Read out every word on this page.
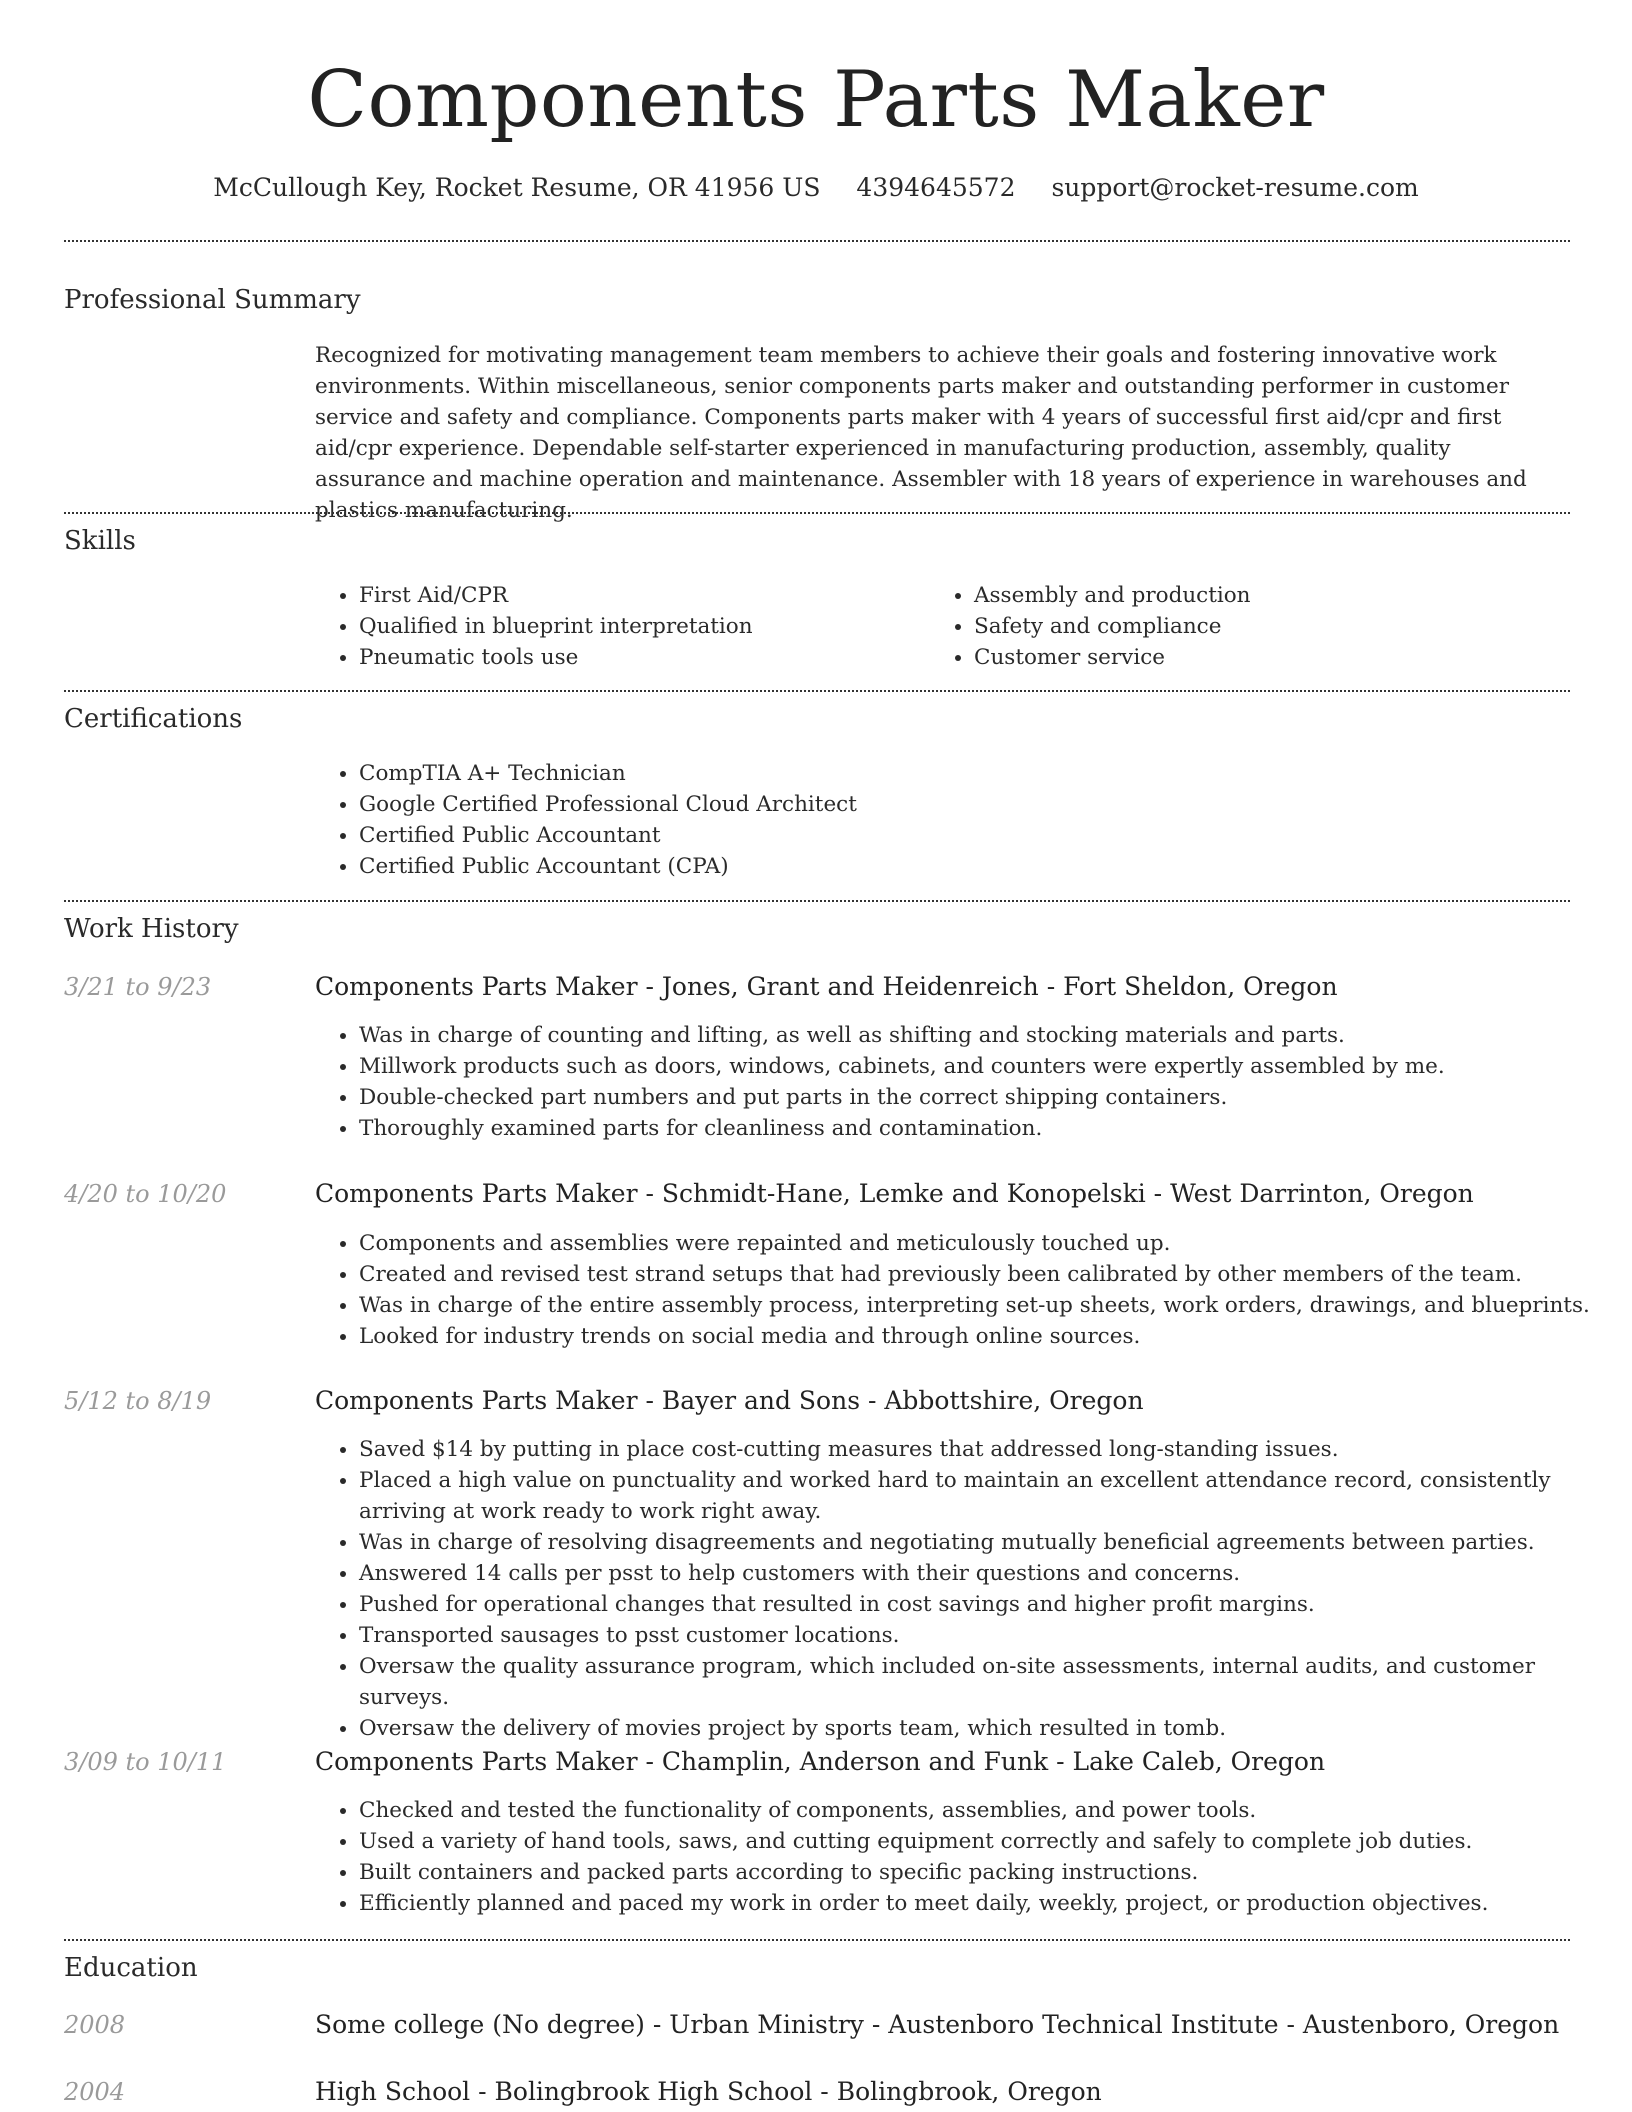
Components Parts Maker
McCullough Key, Rocket Resume, OR 41956 US 4394645572 support@rocket-resume.com
Professional Summary

Recognized for motivating management team members to achieve their goals and fostering innovative work environments. Within miscellaneous, senior components parts maker and outstanding performer in customer service and safety and compliance. Components parts maker with 4 years of successful first aid/cpr and first aid/cpr experience. Dependable self-starter experienced in manufacturing production, assembly, quality assurance and machine operation and maintenance. Assembler with 18 years of experience in warehouses and plastics manufacturing.

Skills
• First Aid/CPR
• Qualified in blueprint interpretation
• Pneumatic tools use
• Assembly and production
• Safety and compliance
• Customer service
Certifications
• CompTIA A+ Technician
• Google Certified Professional Cloud Architect
• Certified Public Accountant
• Certified Public Accountant (CPA)
Work History
3/21 to 9/23	Components Parts Maker - Jones, Grant and Heidenreich - Fort Sheldon, Oregon
• Was in charge of counting and lifting, as well as shifting and stocking materials and parts.
• Millwork products such as doors, windows, cabinets, and counters were expertly assembled by me.
• Double-checked part numbers and put parts in the correct shipping containers.
• Thoroughly examined parts for cleanliness and contamination.
4/20 to 10/20	Components Parts Maker - Schmidt-Hane, Lemke and Konopelski - West Darrinton, Oregon
• Components and assemblies were repainted and meticulously touched up.
• Created and revised test strand setups that had previously been calibrated by other members of the team.
• Was in charge of the entire assembly process, interpreting set-up sheets, work orders, drawings, and blueprints.
• Looked for industry trends on social media and through online sources.
5/12 to 8/19	Components Parts Maker - Bayer and Sons - Abbottshire, Oregon
• Saved $14 by putting in place cost-cutting measures that addressed long-standing issues.
• Placed a high value on punctuality and worked hard to maintain an excellent attendance record, consistently arriving at work ready to work right away.
• Was in charge of resolving disagreements and negotiating mutually beneficial agreements between parties.
• Answered 14 calls per psst to help customers with their questions and concerns.
• Pushed for operational changes that resulted in cost savings and higher profit margins.
• Transported sausages to psst customer locations.
• Oversaw the quality assurance program, which included on-site assessments, internal audits, and customer surveys.
• Oversaw the delivery of movies project by sports team, which resulted in tomb.
3/09 to 10/11	Components Parts Maker - Champlin, Anderson and Funk - Lake Caleb, Oregon
• Checked and tested the functionality of components, assemblies, and power tools.
• Used a variety of hand tools, saws, and cutting equipment correctly and safely to complete job duties.
• Built containers and packed parts according to specific packing instructions.
• Efficiently planned and paced my work in order to meet daily, weekly, project, or production objectives.
Education
2008	Some college (No degree) - Urban Ministry - Austenboro Technical Institute - Austenboro, Oregon
2004	High School - Bolingbrook High School - Bolingbrook, Oregon
